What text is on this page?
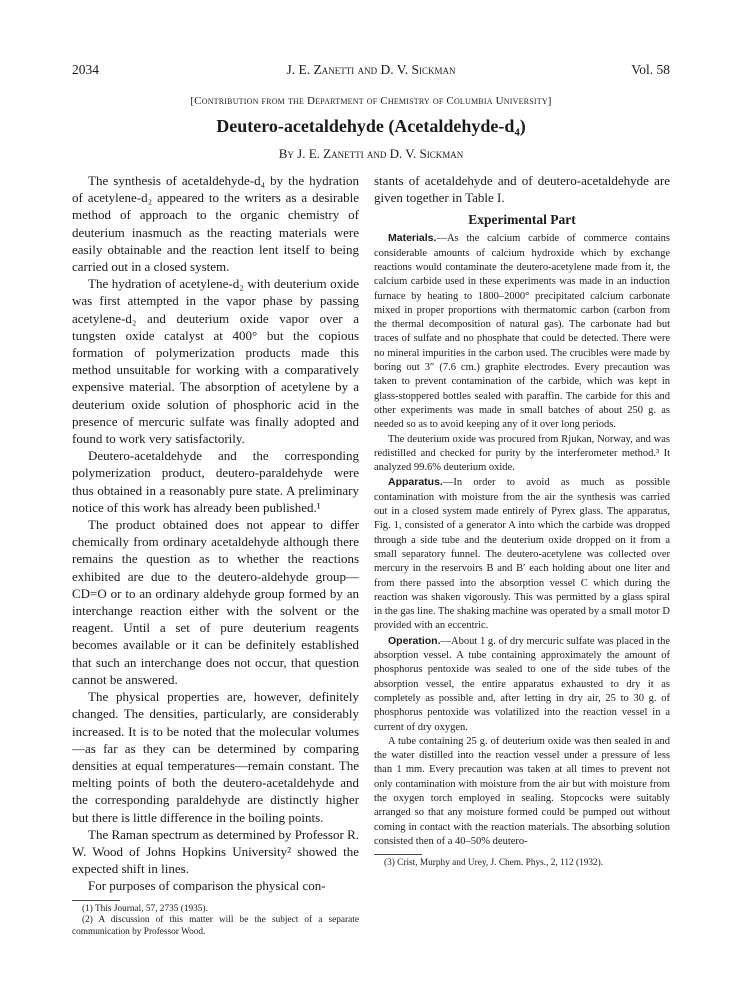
2034	J. E. Zanetti and D. V. Sickman	Vol. 58
[Contribution from the Department of Chemistry of Columbia University]
Deutero-acetaldehyde (Acetaldehyde-d₄)
By J. E. Zanetti and D. V. Sickman

The synthesis of acetaldehyde-d₄ by the hydration of acetylene-d₂ appeared to the writers as a desirable method of approach to the organic chemistry of deuterium inasmuch as the reacting materials were easily obtainable and the reaction lent itself to being carried out in a closed system.

The hydration of acetylene-d₂ with deuterium oxide was first attempted in the vapor phase by passing acetylene-d₂ and deuterium oxide vapor over a tungsten oxide catalyst at 400° but the copious formation of polymerization products made this method unsuitable for working with a comparatively expensive material. The absorption of acetylene by a deuterium oxide solution of phosphoric acid in the presence of mercuric sulfate was finally adopted and found to work very satisfactorily.

Deutero-acetaldehyde and the corresponding polymerization product, deutero-paraldehyde were thus obtained in a reasonably pure state. A preliminary notice of this work has already been published.¹

The product obtained does not appear to differ chemically from ordinary acetaldehyde although there remains the question as to whether the reactions exhibited are due to the deutero-aldehyde group—CD=O or to an ordinary aldehyde group formed by an interchange reaction either with the solvent or the reagent. Until a set of pure deuterium reagents becomes available or it can be definitely established that such an interchange does not occur, that question cannot be answered.

The physical properties are, however, definitely changed. The densities, particularly, are considerably increased. It is to be noted that the molecular volumes—as far as they can be determined by comparing densities at equal temperatures—remain constant. The melting points of both the deutero-acetaldehyde and the corresponding paraldehyde are distinctly higher but there is little difference in the boiling points.

The Raman spectrum as determined by Professor R. W. Wood of Johns Hopkins University² showed the expected shift in lines.

For purposes of comparison the physical con-

(1) This Journal, 57, 2735 (1935).

(2) A discussion of this matter will be the subject of a separate communication by Professor Wood.

stants of acetaldehyde and of deutero-acetaldehyde are given together in Table I.

Experimental Part

Materials.—As the calcium carbide of commerce contains considerable amounts of calcium hydroxide which by exchange reactions would contaminate the deutero-acetylene made from it, the calcium carbide used in these experiments was made in an induction furnace by heating to 1800–2000° precipitated calcium carbonate mixed in proper proportions with thermatomic carbon (carbon from the thermal decomposition of natural gas). The carbonate had but traces of sulfate and no phosphate that could be detected. There were no mineral impurities in the carbon used. The crucibles were made by boring out 3″ (7.6 cm.) graphite electrodes. Every precaution was taken to prevent contamination of the carbide, which was kept in glass-stoppered bottles sealed with paraffin. The carbide for this and other experiments was made in small batches of about 250 g. as needed so as to avoid keeping any of it over long periods.

The deuterium oxide was procured from Rjukan, Norway, and was redistilled and checked for purity by the interferometer method.³ It analyzed 99.6% deuterium oxide.

Apparatus.—In order to avoid as much as possible contamination with moisture from the air the synthesis was carried out in a closed system made entirely of Pyrex glass. The apparatus, Fig. 1, consisted of a generator A into which the carbide was dropped through a side tube and the deuterium oxide dropped on it from a small separatory funnel. The deutero-acetylene was collected over mercury in the reservoirs B and B′ each holding about one liter and from there passed into the absorption vessel C which during the reaction was shaken vigorously. This was permitted by a glass spiral in the gas line. The shaking machine was operated by a small motor D provided with an eccentric.

Operation.—About 1 g. of dry mercuric sulfate was placed in the absorption vessel. A tube containing approximately the amount of phosphorus pentoxide was sealed to one of the side tubes of the absorption vessel, the entire apparatus exhausted to dry it as completely as possible and, after letting in dry air, 25 to 30 g. of phosphorus pentoxide was volatilized into the reaction vessel in a current of dry oxygen.

A tube containing 25 g. of deuterium oxide was then sealed in and the water distilled into the reaction vessel under a pressure of less than 1 mm. Every precaution was taken at all times to prevent not only contamination with moisture from the air but with moisture from the oxygen torch employed in sealing. Stopcocks were suitably arranged so that any moisture formed could be pumped out without coming in contact with the reaction materials. The absorbing solution consisted then of a 40–50% deutero-

(3) Crist, Murphy and Urey, J. Chem. Phys., 2, 112 (1932).
